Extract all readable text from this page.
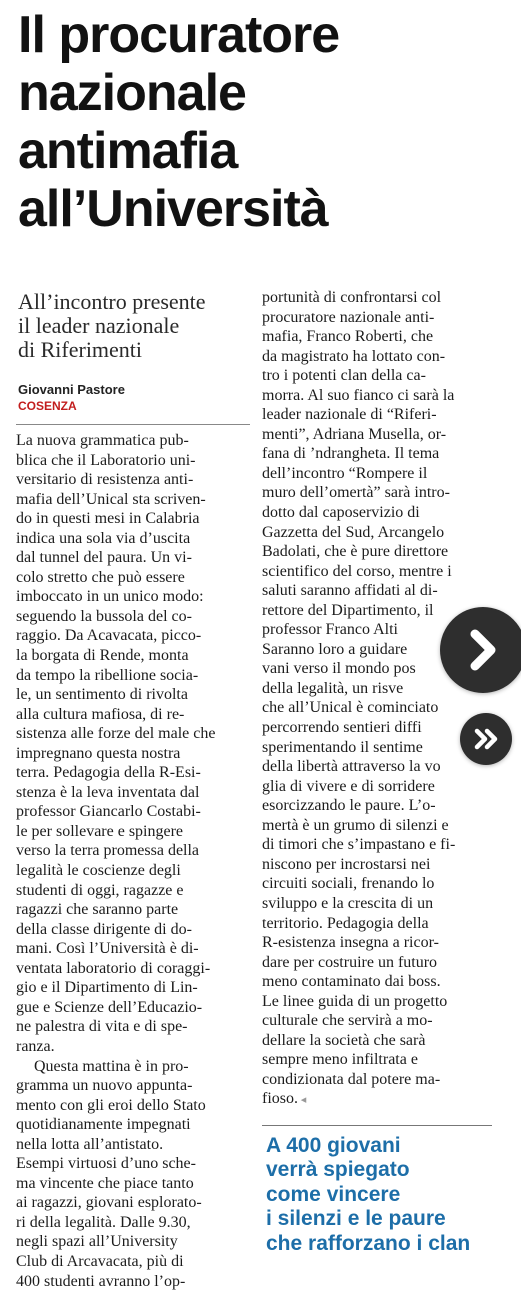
Il procuratore
nazionale
antimafia
all’Università
All’incontro presente
il leader nazionale
di Riferimenti
Giovanni Pastore
COSENZA
La nuova grammatica pub-
blica che il Laboratorio uni-
versitario di resistenza anti-
mafia dell’Unical sta scriven-
do in questi mesi in Calabria
indica una sola via d’uscita
dal tunnel del paura. Un vi-
colo stretto che può essere
imboccato in un unico modo:
seguendo la bussola del co-
raggio. Da Acavacata, picco-
la borgata di Rende, monta
da tempo la ribellione socia-
le, un sentimento di rivolta
alla cultura mafiosa, di re-
sistenza alle forze del male che
impregnano questa nostra
terra. Pedagogia della R-Esi-
stenza è la leva inventata dal
professor Giancarlo Costabi-
le per sollevare e spingere
verso la terra promessa della
legalità le coscienze degli
studenti di oggi, ragazze e
ragazzi che saranno parte
della classe dirigente di do-
mani. Così l’Università è di-
ventata laboratorio di coraggi-
gio e il Dipartimento di Lin-
gue e Scienze dell’Educazio-
ne palestra di vita e di spe-
ranza.
Questa mattina è in pro-
gramma un nuovo appunta-
mento con gli eroi dello Stato
quotidianamente impegnati
nella lotta all’antistato.
Esempi virtuosi d’uno sche-
ma vincente che piace tanto
ai ragazzi, giovani esplorato-
ri della legalità. Dalle 9.30,
negli spazi all’University
Club di Arcavacata, più di
400 studenti avranno l’op-
portunità di confrontarsi col
procuratore nazionale anti-
mafia, Franco Roberti, che
da magistrato ha lottato con-
tro i potenti clan della ca-
morra. Al suo fianco ci sarà la
leader nazionale di “Riferi-
menti”, Adriana Musella, or-
fana di ’ndrangheta. Il tema
dell’incontro “Rompere il
muro dell’omertà” sarà intro-
dotto dal caposervizio di
Gazzetta del Sud, Arcangelo
Badolati, che è pure direttore
scientifico del corso, mentre i
saluti saranno affidati al di-
rettore del Dipartimento, il
professor Franco Alti
Saranno loro a guidare
vani verso il mondo pos
della legalità, un risve
che all’Unical è cominciato
percorrendo sentieri diffi
sperimentando il sentime
della libertà attraverso la vo
glia di vivere e di sorridere
esorcizzando le paure. L’o-
mertà è un grumo di silenzi e
di timori che s’impastano e fi-
niscono per incrostarsi nei
circuiti sociali, frenando lo
sviluppo e la crescita di un
territorio. Pedagogia della
R-esistenza insegna a ricor-
dare per costruire un futuro
meno contaminato dai boss.
Le linee guida di un progetto
culturale che servirà a mo-
dellare la società che sarà
sempre meno infiltrata e
condizionata dal potere ma-
fioso. ◂
A 400 giovani
verrà spiegato
come vincere
i silenzi e le paure
che rafforzano i clan
